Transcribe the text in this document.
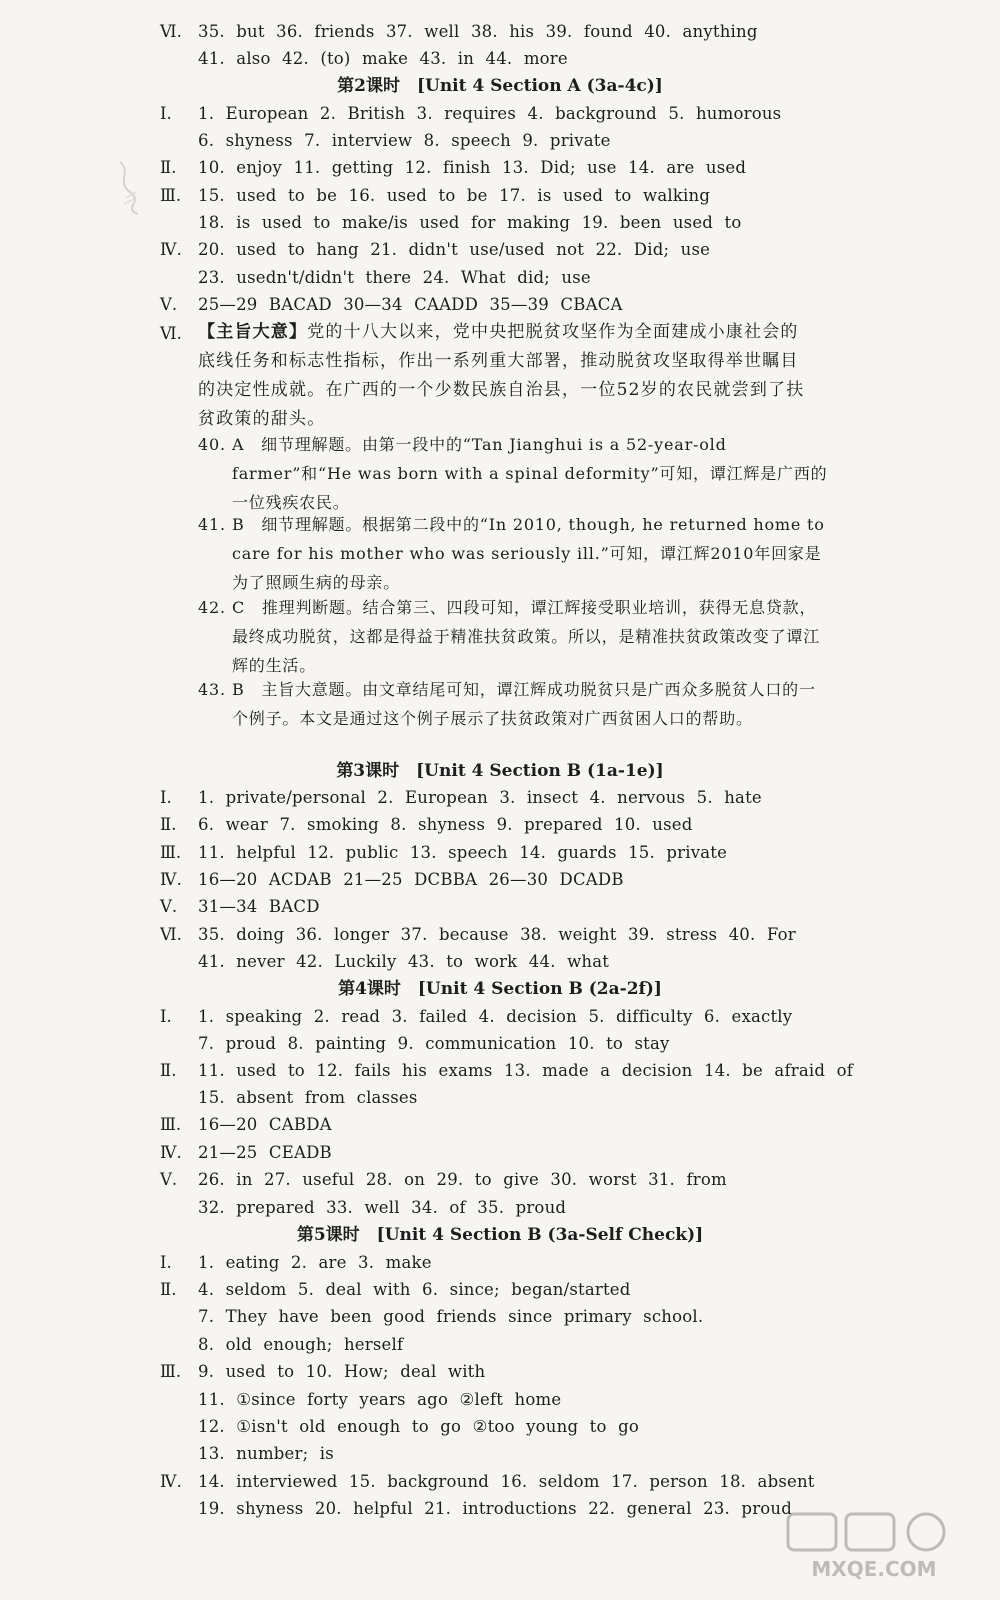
Ⅵ. 35. but 36. friends 37. well 38. his 39. found 40. anything
41. also 42. (to) make 43. in 44. more
第2课时　[Unit 4 Section A (3a-4c)]
Ⅰ. 1. European 2. British 3. requires 4. background 5. humorous
6. shyness 7. interview 8. speech 9. private
Ⅱ. 10. enjoy 11. getting 12. finish 13. Did; use 14. are used
Ⅲ. 15. used to be 16. used to be 17. is used to walking
18. is used to make/is used for making 19. been used to
Ⅳ. 20. used to hang 21. didn't use/used not 22. Did; use
23. usedn't/didn't there 24. What did; use
Ⅴ. 25—29 BACAD 30—34 CAADD 35—39 CBACA
Ⅵ. 【主旨大意】党的十八大以来，党中央把脱贫攻坚作为全面建成小康社会的底线任务和标志性指标，作出一系列重大部署，推动脱贫攻坚取得举世瞩目的决定性成就。在广西的一个少数民族自治县，一位52岁的农民就尝到了扶贫政策的甜头。
40. A　细节理解题。由第一段中的“Tan Jianghui is a 52-year-old farmer”和“He was born with a spinal deformity”可知，谭江辉是广西的一位残疾农民。
41. B　细节理解题。根据第二段中的“In 2010, though, he returned home to care for his mother who was seriously ill.”可知，谭江辉2010年回家是为了照顾生病的母亲。
42. C　推理判断题。结合第三、四段可知，谭江辉接受职业培训，获得无息贷款，最终成功脱贫，这都是得益于精准扶贫政策。所以，是精准扶贫政策改变了谭江辉的生活。
43. B　主旨大意题。由文章结尾可知，谭江辉成功脱贫只是广西众多脱贫人口的一个例子。本文是通过这个例子展示了扶贫政策对广西贫困人口的帮助。
第3课时　[Unit 4 Section B (1a-1e)]
Ⅰ. 1. private/personal 2. European 3. insect 4. nervous 5. hate
Ⅱ. 6. wear 7. smoking 8. shyness 9. prepared 10. used
Ⅲ. 11. helpful 12. public 13. speech 14. guards 15. private
Ⅳ. 16—20 ACDAB 21—25 DCBBA 26—30 DCADB
Ⅴ. 31—34 BACD
Ⅵ. 35. doing 36. longer 37. because 38. weight 39. stress 40. For
41. never 42. Luckily 43. to work 44. what
第4课时　[Unit 4 Section B (2a-2f)]
Ⅰ. 1. speaking 2. read 3. failed 4. decision 5. difficulty 6. exactly
7. proud 8. painting 9. communication 10. to stay
Ⅱ. 11. used to 12. fails his exams 13. made a decision 14. be afraid of
15. absent from classes
Ⅲ. 16—20 CABDA
Ⅳ. 21—25 CEADB
Ⅴ. 26. in 27. useful 28. on 29. to give 30. worst 31. from
32. prepared 33. well 34. of 35. proud
第5课时　[Unit 4 Section B (3a-Self Check)]
Ⅰ. 1. eating 2. are 3. make
Ⅱ. 4. seldom 5. deal with 6. since; began/started
7. They have been good friends since primary school.
8. old enough; herself
Ⅲ. 9. used to 10. How; deal with
11. ①since forty years ago ②left home
12. ①isn't old enough to go ②too young to go
13. number; is
Ⅳ. 14. interviewed 15. background 16. seldom 17. person 18. absent
19. shyness 20. helpful 21. introductions 22. general 23. proud
MXQE.COM
